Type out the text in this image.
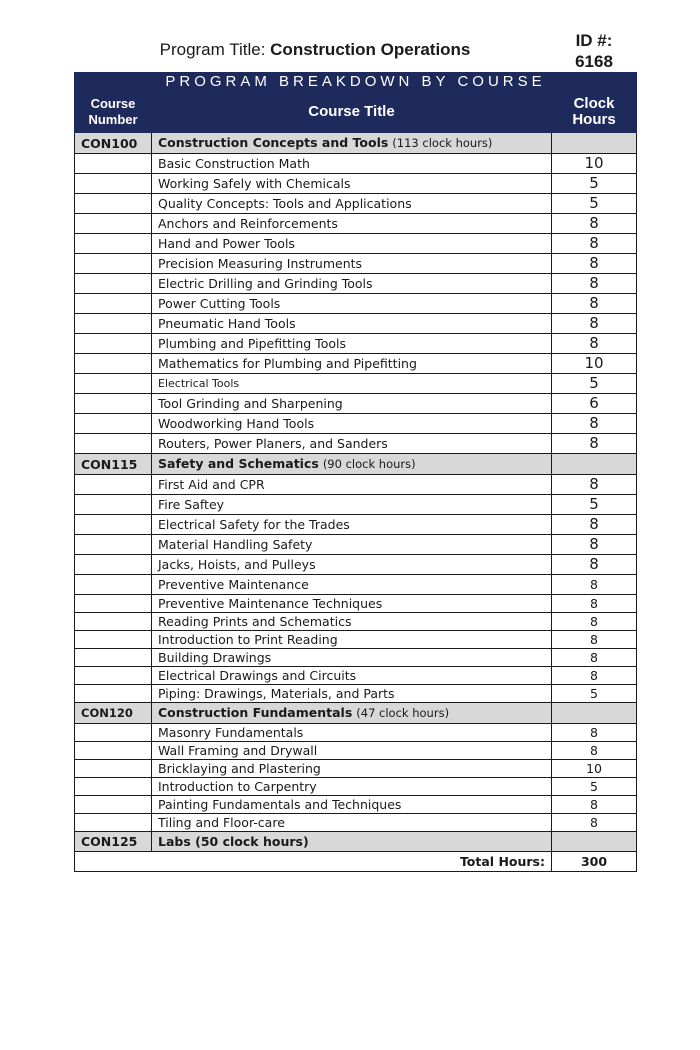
Program Title: Construction Operations	ID #:
6168
PROGRAM BREAKDOWN BY COURSE		
Course Number	Course Title	Clock Hours
CON100	Construction Concepts and Tools (113 clock hours)	
	Basic Construction Math	10
	Working Safely with Chemicals	5
	Quality Concepts: Tools and Applications	5
	Anchors and Reinforcements	8
	Hand and Power Tools	8
	Precision Measuring Instruments	8
	Electric Drilling and Grinding Tools	8
	Power Cutting Tools	8
	Pneumatic Hand Tools	8
	Plumbing and Pipefitting Tools	8
	Mathematics for Plumbing and Pipefitting	10
	Electrical Tools	5
	Tool Grinding and Sharpening	6
	Woodworking Hand Tools	8
	Routers, Power Planers, and Sanders	8
CON115	Safety and Schematics (90 clock hours)	
	First Aid and CPR	8
	Fire Saftey	5
	Electrical Safety for the Trades	8
	Material Handling Safety	8
	Jacks, Hoists, and Pulleys	8
	Preventive Maintenance	8
	Preventive Maintenance Techniques	8
	Reading Prints and Schematics	8
	Introduction to Print Reading	8
	Building Drawings	8
	Electrical Drawings and Circuits	8
	Piping: Drawings, Materials, and Parts	5
CON120	Construction Fundamentals (47 clock hours)	
	Masonry Fundamentals	8
	Wall Framing and Drywall	8
	Bricklaying and Plastering	10
	Introduction to Carpentry	5
	Painting Fundamentals and Techniques	8
	Tiling and Floor-care	8
CON125	Labs (50 clock hours)	
Total Hours:		300
